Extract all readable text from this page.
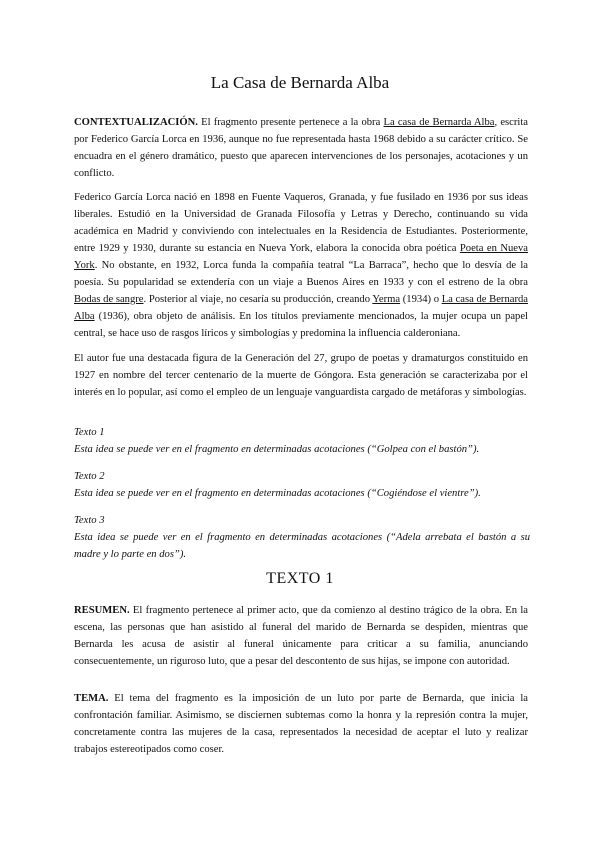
La Casa de Bernarda Alba

CONTEXTUALIZACIÓN. El fragmento presente pertenece a la obra La casa de Bernarda Alba, escrita por Federico García Lorca en 1936, aunque no fue representada hasta 1968 debido a su carácter crítico. Se encuadra en el género dramático, puesto que aparecen intervenciones de los personajes, acotaciones y un conflicto.

Federico García Lorca nació en 1898 en Fuente Vaqueros, Granada, y fue fusilado en 1936 por sus ideas liberales. Estudió en la Universidad de Granada Filosofía y Letras y Derecho, continuando su vida académica en Madrid y conviviendo con intelectuales en la Residencia de Estudiantes. Posteriormente, entre 1929 y 1930, durante su estancia en Nueva York, elabora la conocida obra poética Poeta en Nueva York. No obstante, en 1932, Lorca funda la compañía teatral “La Barraca”, hecho que lo desvía de la poesía. Su popularidad se extendería con un viaje a Buenos Aires en 1933 y con el estreno de la obra Bodas de sangre. Posterior al viaje, no cesaría su producción, creando Yerma (1934) o La casa de Bernarda Alba (1936), obra objeto de análisis. En los títulos previamente mencionados, la mujer ocupa un papel central, se hace uso de rasgos líricos y simbologías y predomina la influencia calderoniana.

El autor fue una destacada figura de la Generación del 27, grupo de poetas y dramaturgos constituido en 1927 en nombre del tercer centenario de la muerte de Góngora. Esta generación se caracterizaba por el interés en lo popular, así como el empleo de un lenguaje vanguardista cargado de metáforas y simbologías.

Texto 1
Esta idea se puede ver en el fragmento en determinadas acotaciones (“Golpea con el bastón”).

Texto 2
Esta idea se puede ver en el fragmento en determinadas acotaciones (“Cogiéndose el vientre”).

Texto 3
Esta idea se puede ver en el fragmento en determinadas acotaciones (“Adela arrebata el bastón a su madre y lo parte en dos”).

TEXTO 1

RESUMEN. El fragmento pertenece al primer acto, que da comienzo al destino trágico de la obra. En la escena, las personas que han asistido al funeral del marido de Bernarda se despiden, mientras que Bernarda les acusa de asistir al funeral únicamente para criticar a su familia, anunciando consecuentemente, un riguroso luto, que a pesar del descontento de sus hijas, se impone con autoridad.

TEMA. El tema del fragmento es la imposición de un luto por parte de Bernarda, que inicia la confrontación familiar. Asimismo, se disciernen subtemas como la honra y la represión contra la mujer, concretamente contra las mujeres de la casa, representados la necesidad de aceptar el luto y realizar trabajos estereotipados como coser.
